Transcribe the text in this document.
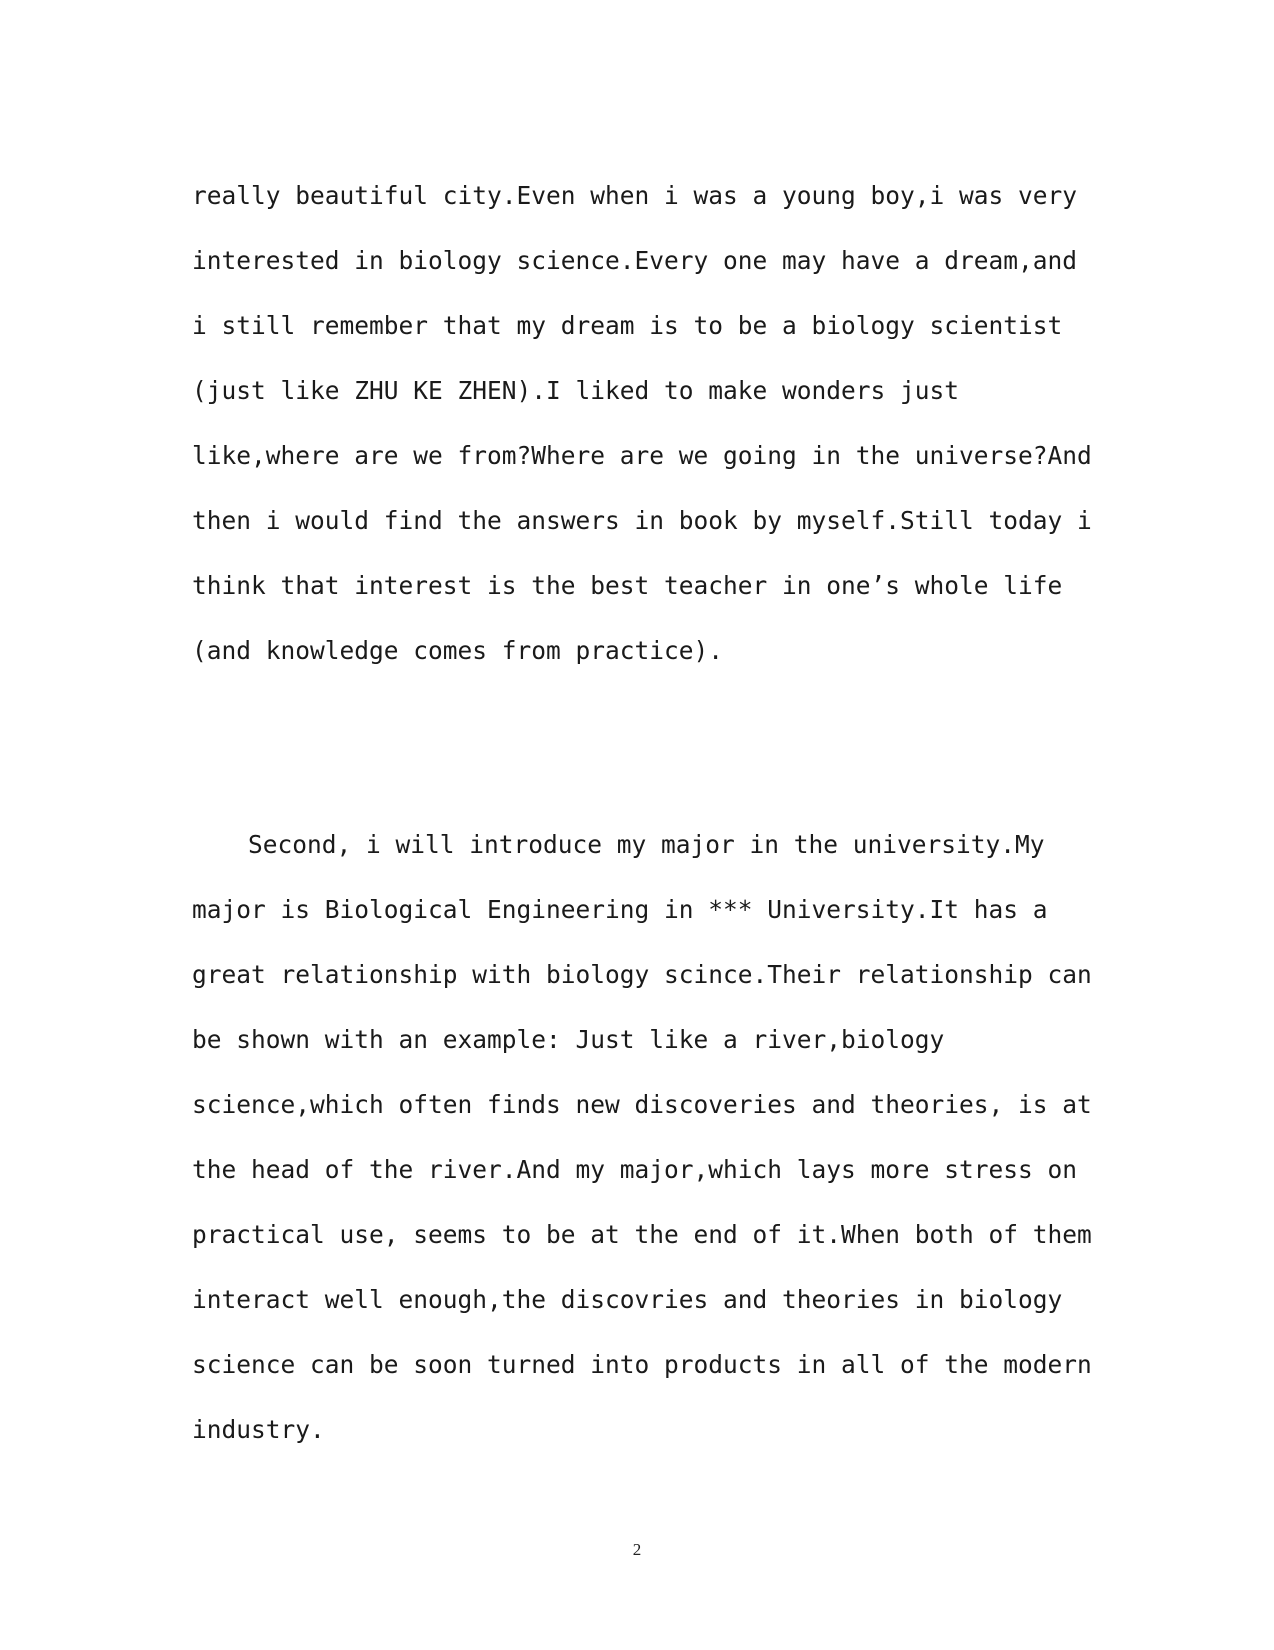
really beautiful city.Even when i was a young boy,i was very
interested in biology science.Every one may have a dream,and
i still remember that my dream is to be a biology scientist
(just like ZHU KE ZHEN).I liked to make wonders just
like,where are we from?Where are we going in the universe?And
then i would find the answers in book by myself.Still today i
think that interest is the best teacher in one’s whole life
(and knowledge comes from practice).
Second, i will introduce my major in the university.My
major is Biological Engineering in *** University.It has a
great relationship with biology scince.Their relationship can
be shown with an example: Just like a river,biology
science,which often finds new discoveries and theories, is at
the head of the river.And my major,which lays more stress on
practical use, seems to be at the end of it.When both of them
interact well enough,the discovries and theories in biology
science can be soon turned into products in all of the modern
industry.
2
